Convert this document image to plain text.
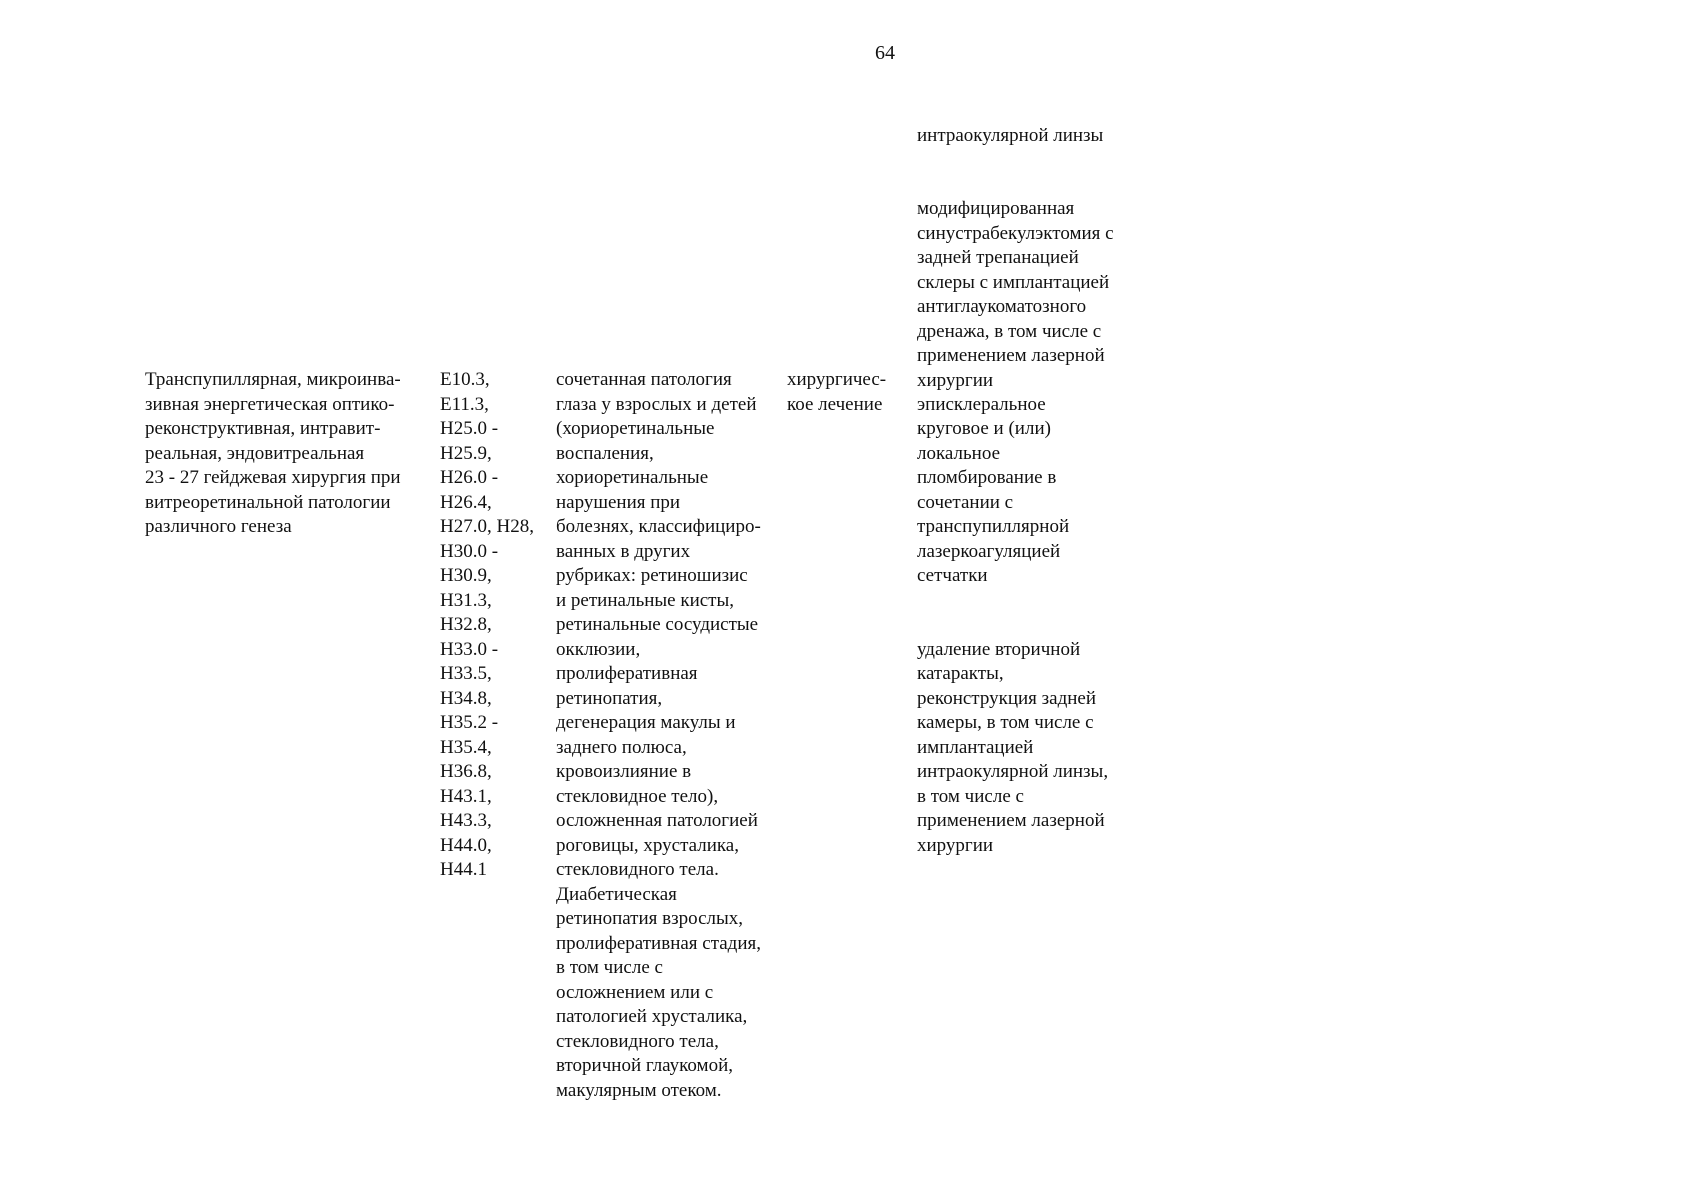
64

интраокулярной линзы

модифицированная
синустрабекулэктомия с
задней трепанацией
склеры с имплантацией
антиглаукоматозного
дренажа, в том числе с
применением лазерной
хирургии

Транспупиллярная, микроинва-
зивная энергетическая оптико-
реконструктивная, интравит-
реальная, эндовитреальная
23 - 27 гейджевая хирургия при
витреоретинальной патологии
различного генеза
E10.3,
E11.3,
H25.0 -
H25.9,
H26.0 -
H26.4,
H27.0, H28,
H30.0 -
H30.9,
H31.3,
H32.8,
H33.0 -
H33.5,
H34.8,
H35.2 -
H35.4,
H36.8,
H43.1,
H43.3,
H44.0,
H44.1
сочетанная патология
глаза у взрослых и детей
(хориоретинальные
воспаления,
хориоретинальные
нарушения при
болезнях, классифициро-
ванных в других
рубриках: ретиношизис
и ретинальные кисты,
ретинальные сосудистые
окклюзии,
пролиферативная
ретинопатия,
дегенерация макулы и
заднего полюса,
кровоизлияние в
стекловидное тело),
осложненная патологией
роговицы, хрусталика,
стекловидного тела.
Диабетическая
ретинопатия взрослых,
пролиферативная стадия,
в том числе с
осложнением или с
патологией хрусталика,
стекловидного тела,
вторичной глаукомой,
макулярным отеком.
хирургичес-
кое лечение	эписклеральное
круговое и (или)
локальное
пломбирование в
сочетании с
транспупиллярной
лазеркоагуляцией
сетчатки

удаление вторичной
катаракты,
реконструкция задней
камеры, в том числе с
имплантацией
интраокулярной линзы,
в том числе с
применением лазерной
хирургии
